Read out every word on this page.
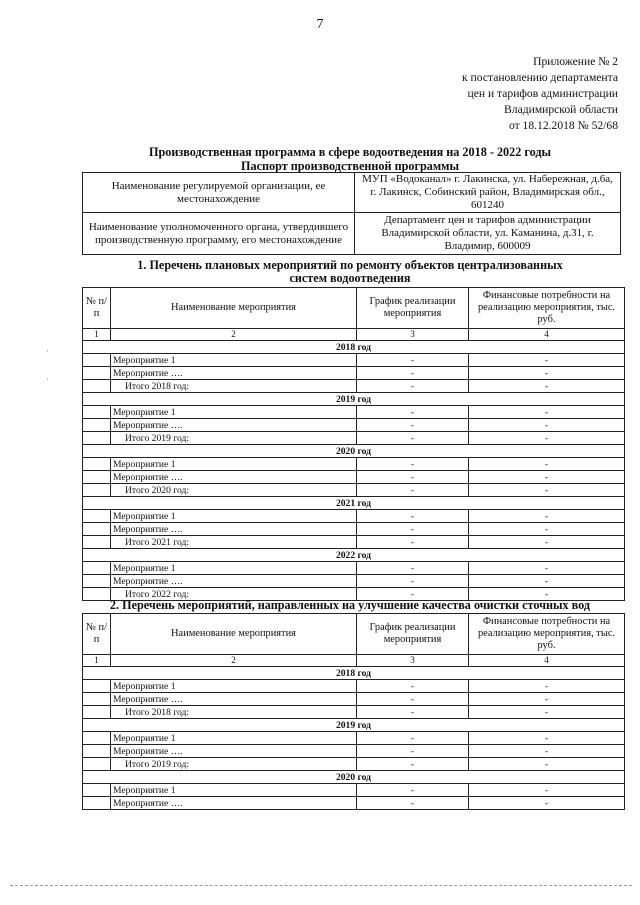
7
Приложение № 2
к постановлению департамента
цен и тарифов администрации
Владимирской области
от 18.12.2018 № 52/68
Производственная программа в сфере водоотведения на 2018 - 2022 годы
Паспорт производственной программы
Наименование регулируемой организации, ее местонахождение	МУП «Водоканал» г. Лакинска, ул. Набережная, д.6а, г. Лакинск, Собинский район, Владимирская обл., 601240
Наименование уполномоченного органа, утвердившего производственную программу, его местонахождение	Департамент цен и тарифов администрации Владимирской области, ул. Каманина, д.31, г. Владимир, 600009
1. Перечень плановых мероприятий по ремонту объектов централизованных
систем водоотведения
№ п/п	Наименование мероприятия	График реализации мероприятия	Финансовые потребности на реализацию мероприятия, тыс. руб.
1	2	3	4
2018 год			
	Мероприятие 1	-	-
	Мероприятие ….	-	-
	Итого 2018 год:	-	-
2019 год			
	Мероприятие 1	-	-
	Мероприятие ….	-	-
	Итого 2019 год:	-	-
2020 год			
	Мероприятие 1	-	-
	Мероприятие ….	-	-
	Итого 2020 год:	-	-
2021 год			
	Мероприятие 1	-	-
	Мероприятие ….	-	-
	Итого 2021 год:	-	-
2022 год			
	Мероприятие 1	-	-
	Мероприятие ….	-	-
	Итого 2022 год:	-	-
2. Перечень мероприятий, направленных на улучшение качества очистки сточных вод
№ п/п	Наименование мероприятия	График реализации мероприятия	Финансовые потребности на реализацию мероприятия, тыс. руб.
1	2	3	4
2018 год			
	Мероприятие 1	-	-
	Мероприятие ….	-	-
	Итого 2018 год:	-	-
2019 год			
	Мероприятие 1	-	-
	Мероприятие ….	-	-
	Итого 2019 год:	-	-
2020 год			
	Мероприятие 1	-	-
	Мероприятие ….	-	-
